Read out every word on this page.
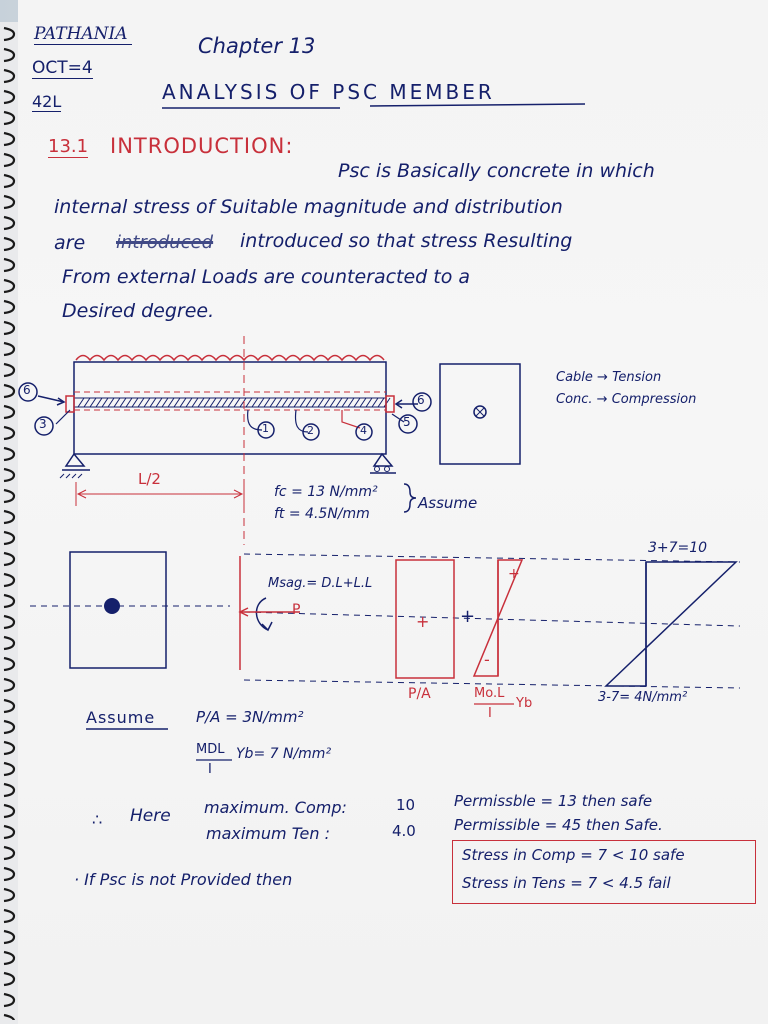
PATHANIA
OCT=4
42L
Chapter 13
ANALYSIS OF PSC MEMBER
13.1 INTRODUCTION:
Psc is Basically concrete in which
internal stress of Suitable magnitude and distribution
are introduced introduced so that stress Resulting
From external Loads are counteracted to a
Desired degree.
6
3
6
5
1	2	4
L/2
Cable → Tension
Conc. → Compression
fc = 13 N/mm²
ft = 4.5N/mm
Assume
Msag.= D.L+L.L
P
+ +
+
-
3+7=10
3-7= 4N/mm²
P/A	Mo.L
I
Yb
Assume	P/A = 3N/mm²
MDL
I
Yb= 7 N/mm²
∴ Here maximum. Comp:	10
maximum Ten :	4.0
Permissble = 13 then safe
Permissible = 45 then Safe.
· If Psc is not Provided then
Stress in Comp = 7 < 10 safe
Stress in Tens = 7 < 4.5 fail
